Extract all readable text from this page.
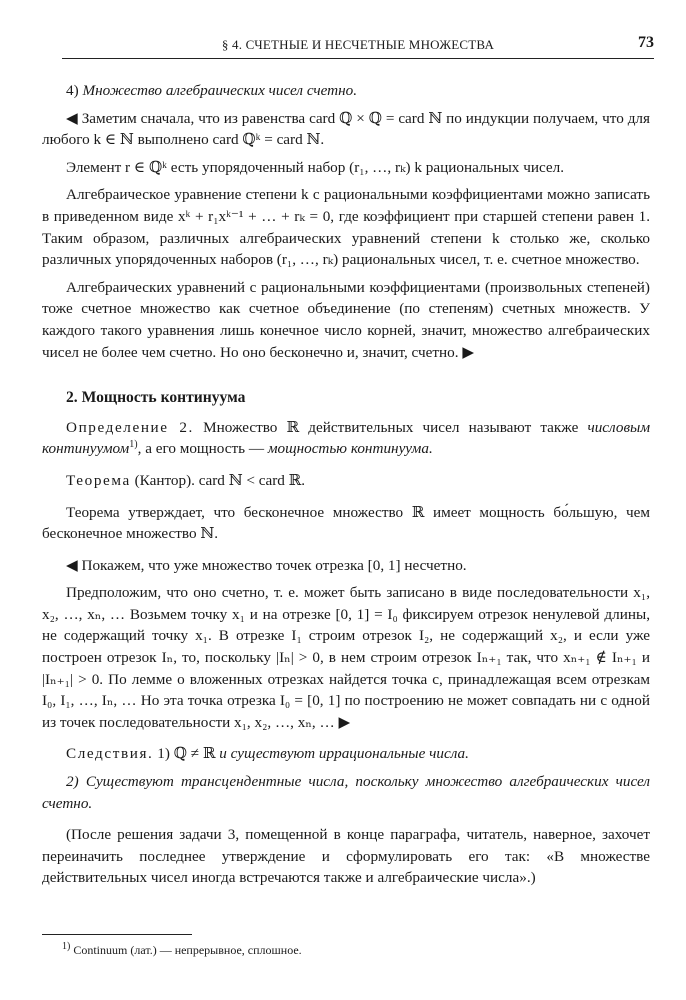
§ 4. СЧЕТНЫЕ И НЕСЧЕТНЫЕ МНОЖЕСТВА	73

4) Множество алгебраических чисел счетно.

◀ Заметим сначала, что из равенства card ℚ × ℚ = card ℕ по индукции получаем, что для любого k ∈ ℕ выполнено card ℚᵏ = card ℕ.

Элемент r ∈ ℚᵏ есть упорядоченный набор (r₁, …, rₖ) k рациональных чисел.

Алгебраическое уравнение степени k с рациональными коэффициентами можно записать в приведенном виде xᵏ + r₁xᵏ⁻¹ + … + rₖ = 0, где коэффициент при старшей степени равен 1. Таким образом, различных алгебраических уравнений степени k столько же, сколько различных упорядоченных наборов (r₁, …, rₖ) рациональных чисел, т. е. счетное множество.

Алгебраических уравнений с рациональными коэффициентами (произвольных степеней) тоже счетное множество как счетное объединение (по степеням) счетных множеств. У каждого такого уравнения лишь конечное число корней, значит, множество алгебраических чисел не более чем счетно. Но оно бесконечно и, значит, счетно. ▶

2. Мощность континуума

Определение 2. Множество ℝ действительных чисел называют также числовым континуумом$^{1)}$, а его мощность — мощностью континуума.

Теорема (Кантор). card ℕ < card ℝ.

Теорема утверждает, что бесконечное множество ℝ имеет мощность бо́льшую, чем бесконечное множество ℕ.

◀ Покажем, что уже множество точек отрезка [0, 1] несчетно.

Предположим, что оно счетно, т. е. может быть записано в виде последовательности x₁, x₂, …, xₙ, … Возьмем точку x₁ и на отрезке [0, 1] = I₀ фиксируем отрезок ненулевой длины, не содержащий точку x₁. В отрезке I₁ строим отрезок I₂, не содержащий x₂, и если уже построен отрезок Iₙ, то, поскольку |Iₙ| > 0, в нем строим отрезок Iₙ₊₁ так, что xₙ₊₁ ∉ Iₙ₊₁ и |Iₙ₊₁| > 0. По лемме о вложенных отрезках найдется точка c, принадлежащая всем отрезкам I₀, I₁, …, Iₙ, … Но эта точка отрезка I₀ = [0, 1] по построению не может совпадать ни с одной из точек последовательности x₁, x₂, …, xₙ, … ▶

Следствия. 1) ℚ ≠ ℝ и существуют иррациональные числа.

2) Существуют трансцендентные числа, поскольку множество алгебраических чисел счетно.

(После решения задачи 3, помещенной в конце параграфа, читатель, наверное, захочет переиначить последнее утверждение и сформулировать его так: «В множестве действительных чисел иногда встречаются также и алгебраические числа».)

$^{1)}$ Continuum (лат.) — непрерывное, сплошное.
